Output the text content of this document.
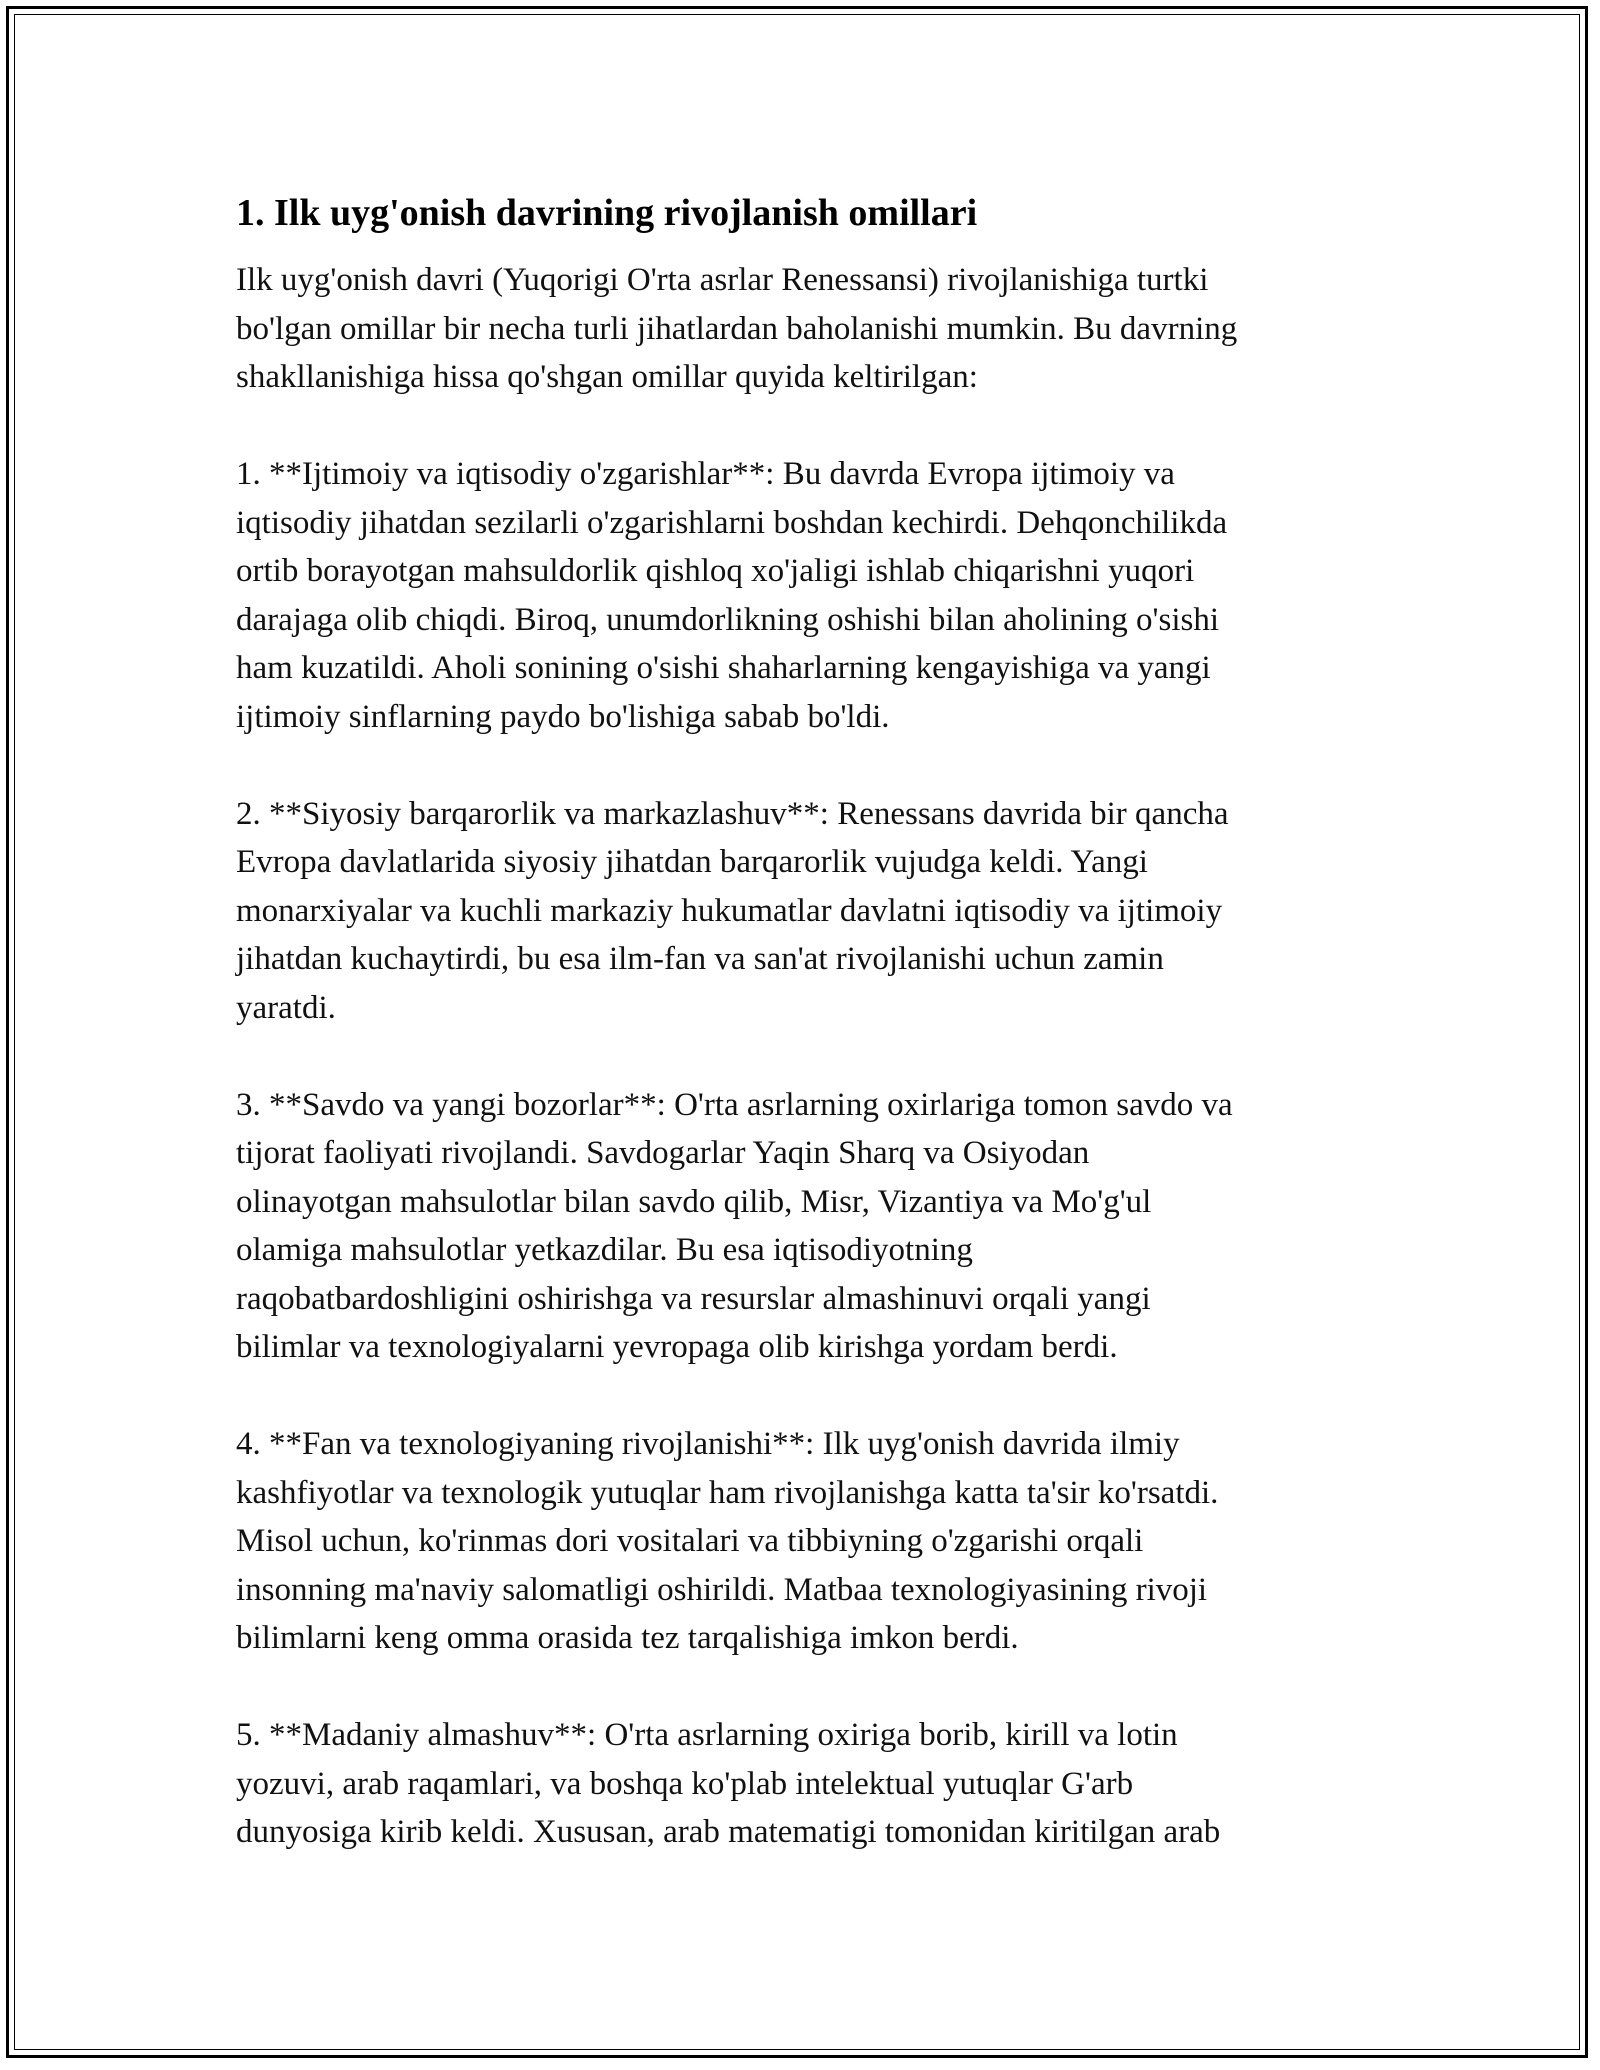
1. Ilk uyg'onish davrining rivojlanish omillari

Ilk uyg'onish davri (Yuqorigi O'rta asrlar Renessansi) rivojlanishiga turtki
bo'lgan omillar bir necha turli jihatlardan baholanishi mumkin. Bu davrning
shakllanishiga hissa qo'shgan omillar quyida keltirilgan:

1. **Ijtimoiy va iqtisodiy o'zgarishlar**: Bu davrda Evropa ijtimoiy va
iqtisodiy jihatdan sezilarli o'zgarishlarni boshdan kechirdi. Dehqonchilikda
ortib borayotgan mahsuldorlik qishloq xo'jaligi ishlab chiqarishni yuqori
darajaga olib chiqdi. Biroq, unumdorlikning oshishi bilan aholining o'sishi
ham kuzatildi. Aholi sonining o'sishi shaharlarning kengayishiga va yangi
ijtimoiy sinflarning paydo bo'lishiga sabab bo'ldi.

2. **Siyosiy barqarorlik va markazlashuv**: Renessans davrida bir qancha
Evropa davlatlarida siyosiy jihatdan barqarorlik vujudga keldi. Yangi
monarxiyalar va kuchli markaziy hukumatlar davlatni iqtisodiy va ijtimoiy
jihatdan kuchaytirdi, bu esa ilm-fan va san'at rivojlanishi uchun zamin
yaratdi.

3. **Savdo va yangi bozorlar**: O'rta asrlarning oxirlariga tomon savdo va
tijorat faoliyati rivojlandi. Savdogarlar Yaqin Sharq va Osiyodan
olinayotgan mahsulotlar bilan savdo qilib, Misr, Vizantiya va Mo'g'ul
olamiga mahsulotlar yetkazdilar. Bu esa iqtisodiyotning
raqobatbardoshligini oshirishga va resurslar almashinuvi orqali yangi
bilimlar va texnologiyalarni yevropaga olib kirishga yordam berdi.

4. **Fan va texnologiyaning rivojlanishi**: Ilk uyg'onish davrida ilmiy
kashfiyotlar va texnologik yutuqlar ham rivojlanishga katta ta'sir ko'rsatdi.
Misol uchun, ko'rinmas dori vositalari va tibbiyning o'zgarishi orqali
insonning ma'naviy salomatligi oshirildi. Matbaa texnologiyasining rivoji
bilimlarni keng omma orasida tez tarqalishiga imkon berdi.

5. **Madaniy almashuv**: O'rta asrlarning oxiriga borib, kirill va lotin
yozuvi, arab raqamlari, va boshqa ko'plab intelektual yutuqlar G'arb
dunyosiga kirib keldi. Xususan, arab matematigi tomonidan kiritilgan arab
